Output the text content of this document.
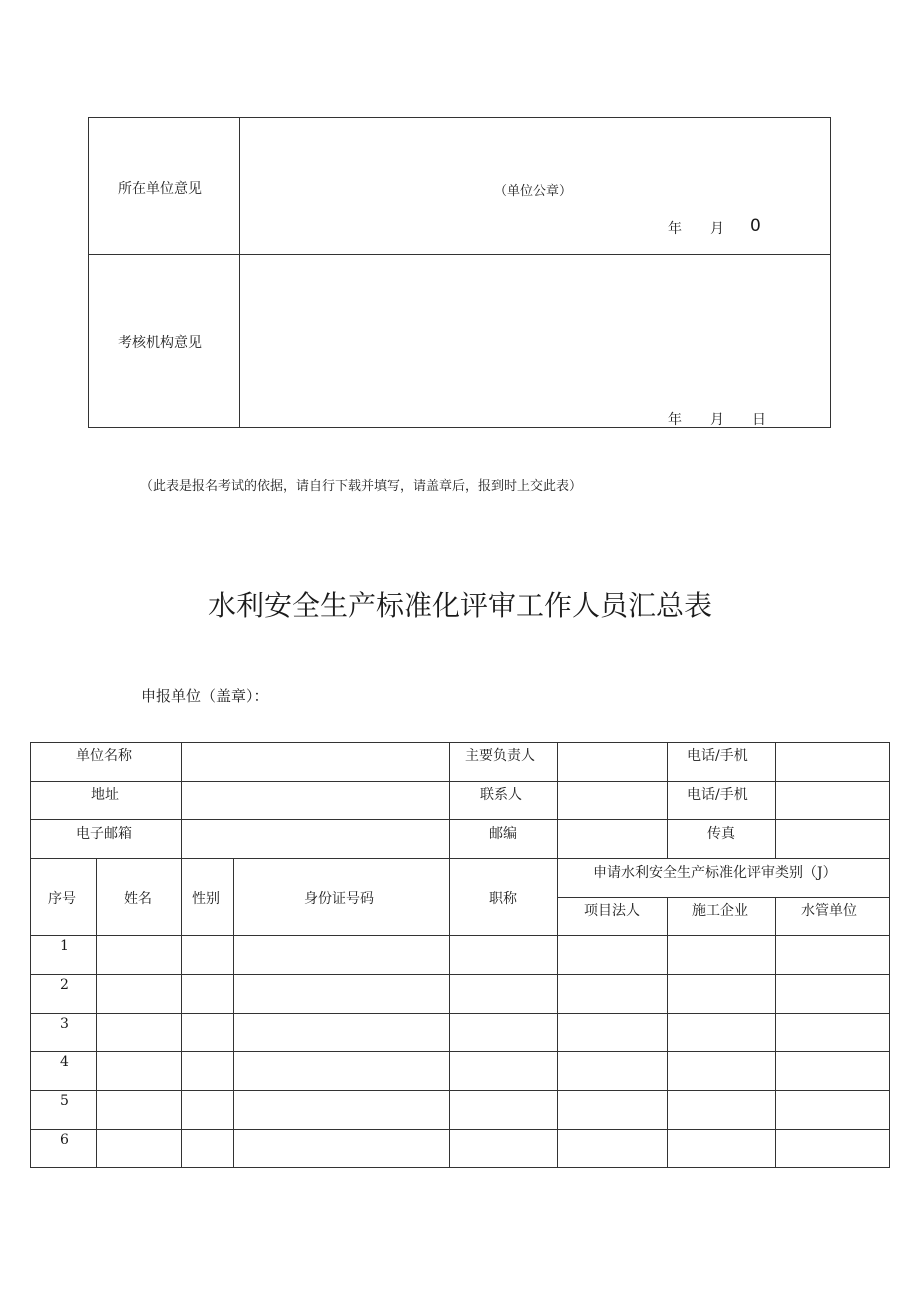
所在单位意见	（单位公章）
年 月 0
考核机构意见
年 月 日
（此表是报名考试的依据，请自行下载并填写，请盖章后，报到时上交此表）
水利安全生产标准化评审工作人员汇总表
申报单位（盖章）：
单位名称	主要负责人	电话/手机
地址	联系人	电话/手机
电子邮箱	邮编	传真
序号	姓名	性别	身份证号码	职称
申请水利安全生产标准化评审类别（J）
项目法人	施工企业	水管单位
1
2
3
4
5
6
